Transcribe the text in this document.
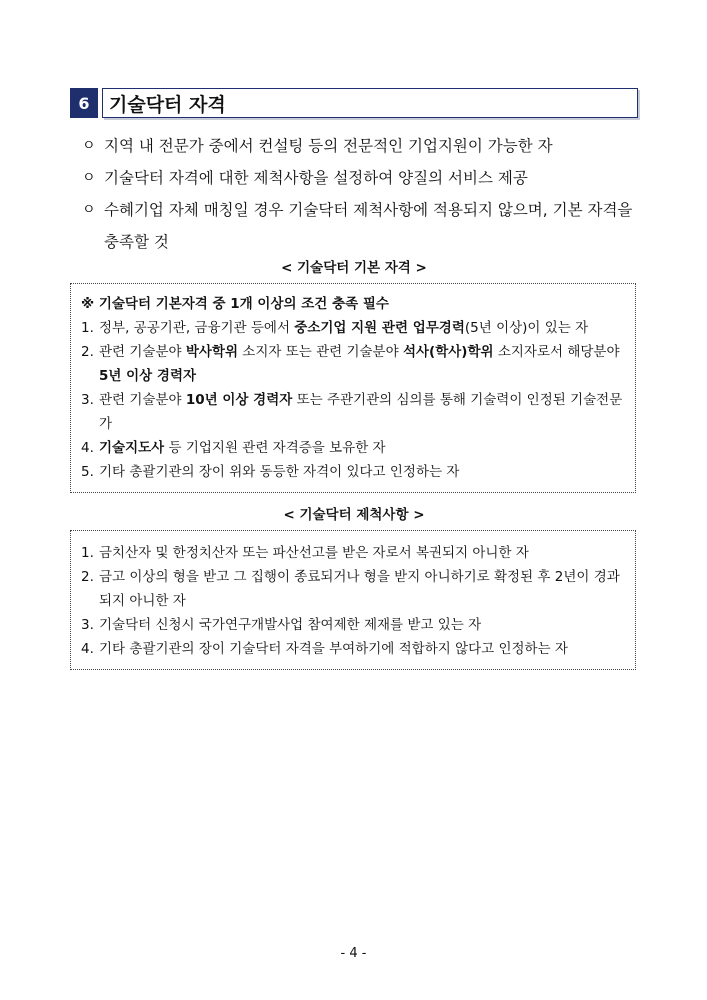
6	기술닥터 자격
ㅇ 지역 내 전문가 중에서 컨설팅 등의 전문적인 기업지원이 가능한 자
ㅇ 기술닥터 자격에 대한 제척사항을 설정하여 양질의 서비스 제공
ㅇ 수혜기업 자체 매칭일 경우 기술닥터 제척사항에 적용되지 않으며, 기본 자격을 충족할 것
< 기술닥터 기본 자격 >
※ 기술닥터 기본자격 중 1개 이상의 조건 충족 필수
1. 정부, 공공기관, 금융기관 등에서 중소기업 지원 관련 업무경력(5년 이상)이 있는 자
2. 관련 기술분야 박사학위 소지자 또는 관련 기술분야 석사(학사)학위 소지자로서 해당분야 5년 이상 경력자
3. 관련 기술분야 10년 이상 경력자 또는 주관기관의 심의를 통해 기술력이 인정된 기술전문가
4. 기술지도사 등 기업지원 관련 자격증을 보유한 자
5. 기타 총괄기관의 장이 위와 동등한 자격이 있다고 인정하는 자
< 기술닥터 제척사항 >
1. 금치산자 및 한정치산자 또는 파산선고를 받은 자로서 복권되지 아니한 자
2. 금고 이상의 형을 받고 그 집행이 종료되거나 형을 받지 아니하기로 확정된 후 2년이 경과되지 아니한 자
3. 기술닥터 신청시 국가연구개발사업 참여제한 제재를 받고 있는 자
4. 기타 총괄기관의 장이 기술닥터 자격을 부여하기에 적합하지 않다고 인정하는 자
- 4 -
